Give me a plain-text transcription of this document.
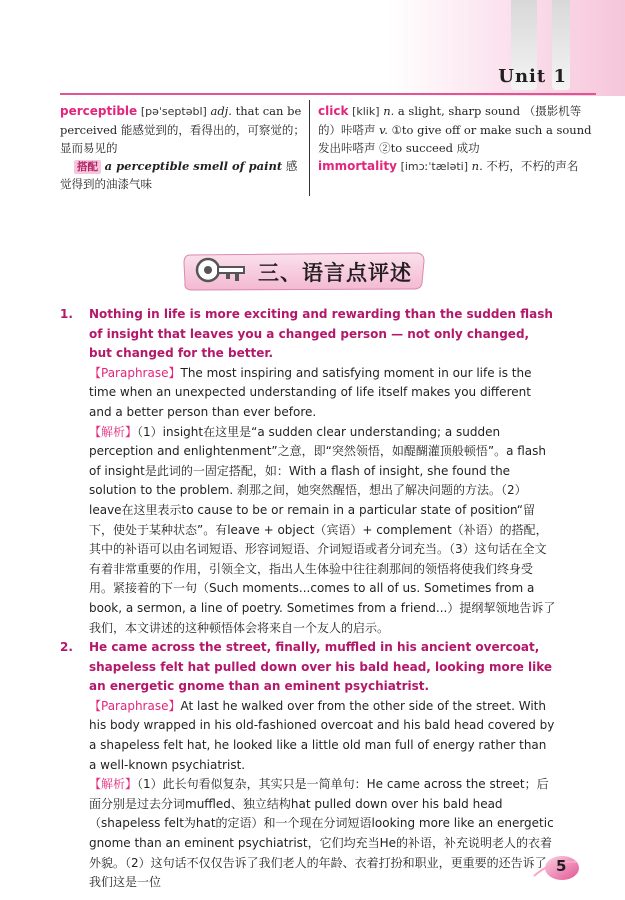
Unit 1
perceptible [pəˈseptəbl] adj. that can be perceived 能感觉到的，看得出的，可察觉的；显而易见的
搭配 a perceptible smell of paint 感觉得到的油漆气味
click [klik] n. a slight, sharp sound （摄影机等的）咔嗒声 v. ①to give off or make such a sound 发出咔嗒声 ②to succeed 成功
immortality [imɔːˈtæləti] n. 不朽，不朽的声名
三、语言点评述
1. Nothing in life is more exciting and rewarding than the sudden flash of insight that leaves you a changed person — not only changed, but changed for the better.
【Paraphrase】The most inspiring and satisfying moment in our life is the time when an unexpected understanding of life itself makes you different and a better person than ever before.
【解析】（1）insight在这里是“a sudden clear understanding; a sudden perception and enlightenment”之意，即“突然领悟，如醍醐灌顶般顿悟”。a flash of insight是此词的一固定搭配，如：With a flash of insight, she found the solution to the problem. 刹那之间，她突然醒悟，想出了解决问题的方法。（2）leave在这里表示to cause to be or remain in a particular state of position“留下，使处于某种状态”。有leave + object（宾语）+ complement（补语）的搭配，其中的补语可以由名词短语、形容词短语、介词短语或者分词充当。（3）这句话在全文有着非常重要的作用，引领全文，指出人生体验中往往刹那间的领悟将使我们终身受用。紧接着的下一句（Such moments...comes to all of us. Sometimes from a book, a sermon, a line of poetry. Sometimes from a friend...）提纲挈领地告诉了我们，本文讲述的这种顿悟体会将来自一个友人的启示。
2. He came across the street, finally, muffled in his ancient overcoat, shapeless felt hat pulled down over his bald head, looking more like an energetic gnome than an eminent psychiatrist.
【Paraphrase】At last he walked over from the other side of the street. With his body wrapped in his old-fashioned overcoat and his bald head covered by a shapeless felt hat, he looked like a little old man full of energy rather than a well-known psychiatrist.
【解析】（1）此长句看似复杂，其实只是一简单句：He came across the street；后面分别是过去分词muffled、独立结构hat pulled down over his bald head （shapeless felt为hat的定语）和一个现在分词短语looking more like an energetic gnome than an eminent psychiatrist，它们均充当He的补语，补充说明老人的衣着外貌。（2）这句话不仅仅告诉了我们老人的年龄、衣着打扮和职业，更重要的还告诉了我们这是一位
5
